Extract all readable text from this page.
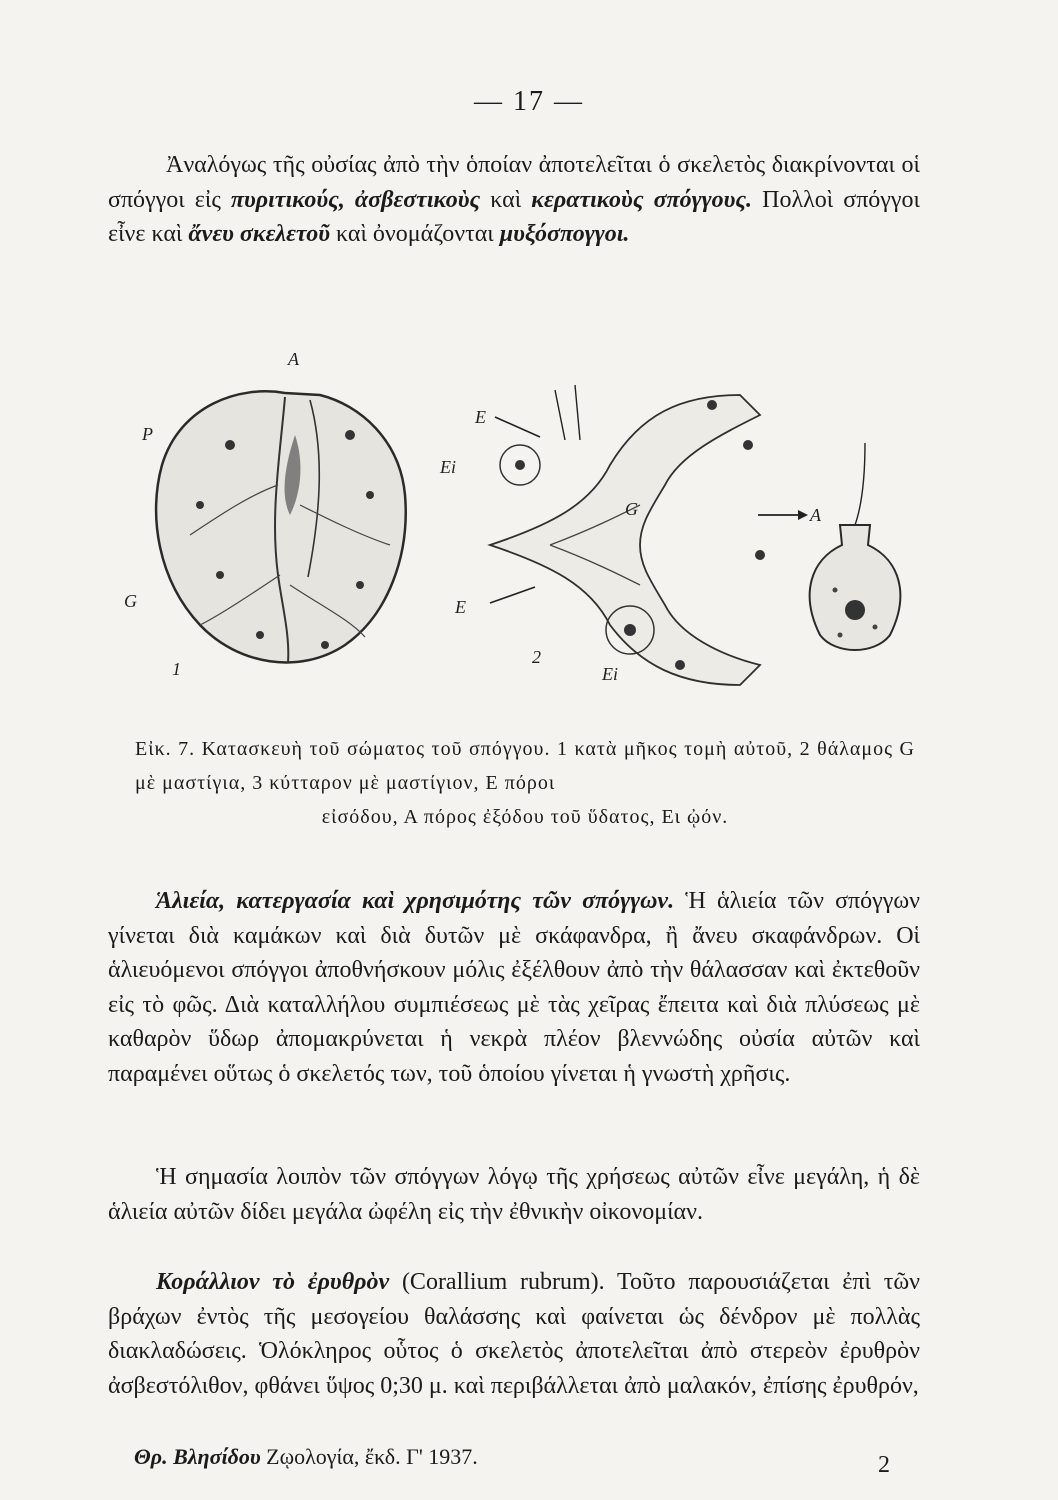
— 17 —

Ἀναλόγως τῆς οὐσίας ἀπὸ τὴν ὁποίαν ἀποτελεῖται ὁ σκελετὸς διακρίνονται οἱ σπόγγοι εἰς πυριτικούς, ἀσβεστικοὺς καὶ κερατικοὺς σπόγγους. Πολλοὶ σπόγγοι εἶνε καὶ ἄνευ σκελετοῦ καὶ ὀνομάζονται μυξόσπογγοι.

A
P
G
1
E
Ei
G
E
2
Ei
A
Εἰκ. 7. Κατασκευὴ τοῦ σώματος τοῦ σπόγγου. 1 κατὰ μῆκος τομὴ αὐτοῦ, 2 θάλαμος G μὲ μαστίγια, 3 κύτταρον μὲ μαστίγιον, Ε πόροι
εἰσόδου, Α πόρος ἐξόδου τοῦ ὕδατος, Ει ᾠόν.

Ἁλιεία, κατεργασία καὶ χρησιμότης τῶν σπόγγων. Ἡ ἁλιεία τῶν σπόγγων γίνεται διὰ καμάκων καὶ διὰ δυτῶν μὲ σκάφανδρα, ἢ ἄνευ σκαφάνδρων. Οἱ ἁλιευόμενοι σπόγγοι ἀποθνήσκουν μόλις ἐξέλθουν ἀπὸ τὴν θάλασσαν καὶ ἐκτεθοῦν εἰς τὸ φῶς. Διὰ καταλλήλου συμπιέσεως μὲ τὰς χεῖρας ἔπειτα καὶ διὰ πλύσεως μὲ καθαρὸν ὕδωρ ἀπομακρύνεται ἡ νεκρὰ πλέον βλεννώδης οὐσία αὐτῶν καὶ παραμένει οὕτως ὁ σκελετός των, τοῦ ὁποίου γίνεται ἡ γνωστὴ χρῆσις.

Ἡ σημασία λοιπὸν τῶν σπόγγων λόγῳ τῆς χρήσεως αὐτῶν εἶνε μεγάλη, ἡ δὲ ἁλιεία αὐτῶν δίδει μεγάλα ὠφέλη εἰς τὴν ἐθνικὴν οἰκονομίαν.

Κοράλλιον τὸ ἐρυθρὸν (Corallium rubrum). Τοῦτο παρουσιάζεται ἐπὶ τῶν βράχων ἐντὸς τῆς μεσογείου θαλάσσης καὶ φαίνεται ὡς δένδρον μὲ πολλὰς διακλαδώσεις. Ὁλόκληρος οὗτος ὁ σκελετὸς ἀποτελεῖται ἀπὸ στερεὸν ἐρυθρὸν ἀσβεστόλιθον, φθάνει ὕψος 0;30 μ. καὶ περιβάλλεται ἀπὸ μαλακόν, ἐπίσης ἐρυθρόν,

Θρ. Βλησίδου Ζῳολογία, ἔκδ. Γ' 1937.	2
